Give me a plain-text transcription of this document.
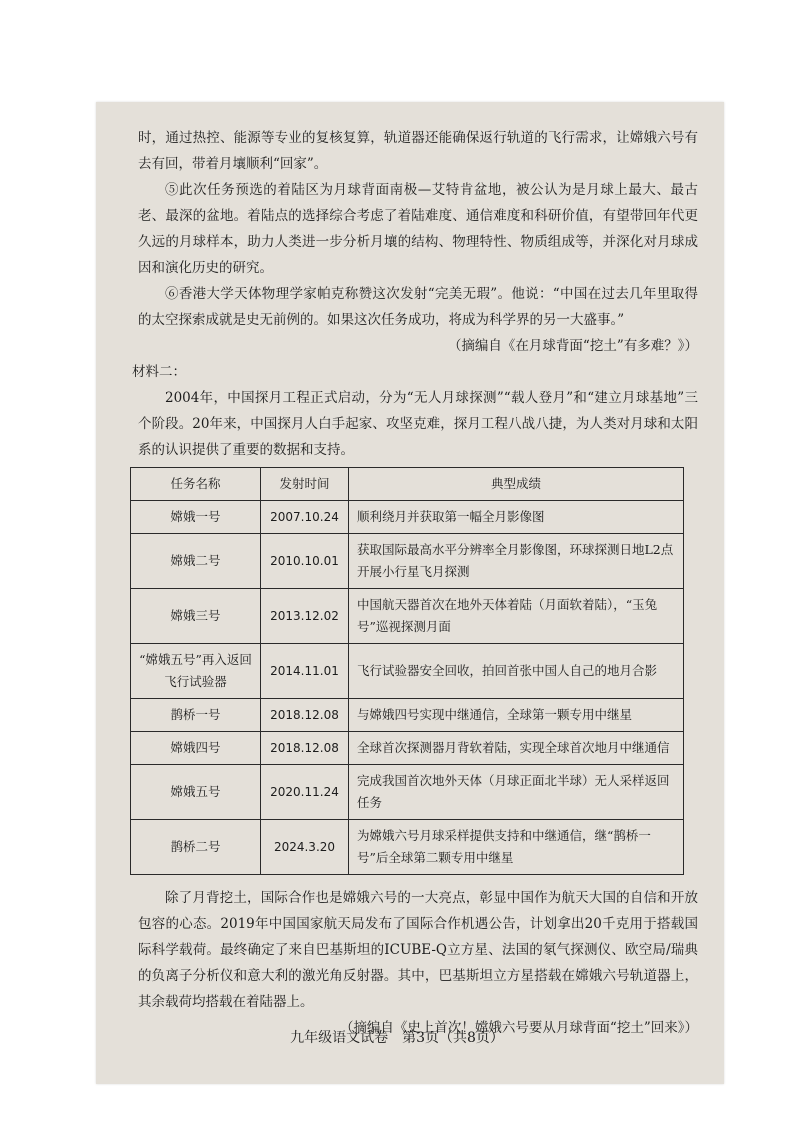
时，通过热控、能源等专业的复核复算，轨道器还能确保返行轨道的飞行需求，让嫦娥六号有去有回，带着月壤顺利“回家”。

⑤此次任务预选的着陆区为月球背面南极—艾特肯盆地，被公认为是月球上最大、最古老、最深的盆地。着陆点的选择综合考虑了着陆难度、通信难度和科研价值，有望带回年代更久远的月球样本，助力人类进一步分析月壤的结构、物理特性、物质组成等，并深化对月球成因和演化历史的研究。

⑥香港大学天体物理学家帕克称赞这次发射“完美无瑕”。他说：“中国在过去几年里取得的太空探索成就是史无前例的。如果这次任务成功，将成为科学界的另一大盛事。”

（摘编自《在月球背面“挖土”有多难？》）

材料二：

2004年，中国探月工程正式启动，分为“无人月球探测”“载人登月”和“建立月球基地”三个阶段。20年来，中国探月人白手起家、攻坚克难，探月工程八战八捷，为人类对月球和太阳系的认识提供了重要的数据和支持。

任务名称	发射时间	典型成绩
嫦娥一号	2007.10.24	顺利绕月并获取第一幅全月影像图
嫦娥二号	2010.10.01	获取国际最高水平分辨率全月影像图，环球探测日地L2点开展小行星飞月探测
嫦娥三号	2013.12.02	中国航天器首次在地外天体着陆（月面软着陆），“玉兔号”巡视探测月面
“嫦娥五号”再入返回飞行试验器	2014.11.01	飞行试验器安全回收，拍回首张中国人自己的地月合影
鹊桥一号	2018.12.08	与嫦娥四号实现中继通信，全球第一颗专用中继星
嫦娥四号	2018.12.08	全球首次探测器月背软着陆，实现全球首次地月中继通信
嫦娥五号	2020.11.24	完成我国首次地外天体（月球正面北半球）无人采样返回任务
鹊桥二号	2024.3.20	为嫦娥六号月球采样提供支持和中继通信，继“鹊桥一号”后全球第二颗专用中继星

除了月背挖土，国际合作也是嫦娥六号的一大亮点，彰显中国作为航天大国的自信和开放包容的心态。2019年中国国家航天局发布了国际合作机遇公告，计划拿出20千克用于搭载国际科学载荷。最终确定了来自巴基斯坦的ICUBE-Q立方星、法国的氡气探测仪、欧空局/瑞典的负离子分析仪和意大利的激光角反射器。其中，巴基斯坦立方星搭载在嫦娥六号轨道器上，其余载荷均搭载在着陆器上。

（摘编自《史上首次！嫦娥六号要从月球背面“挖土”回来》）

九年级语文试卷　第3页（共8页）
